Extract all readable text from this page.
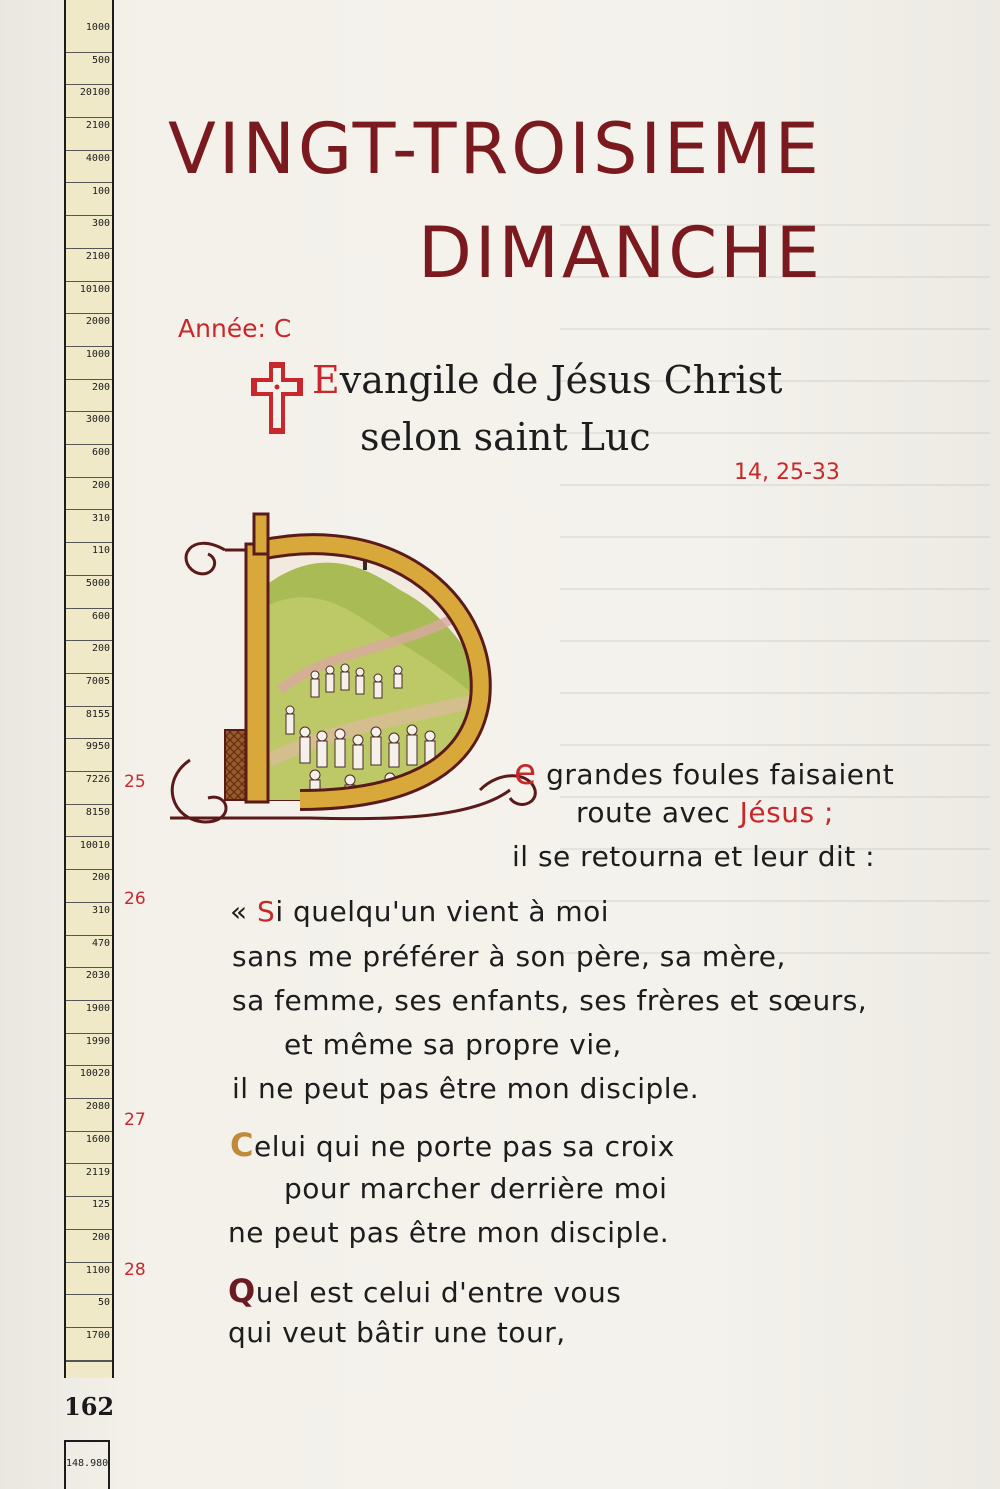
1000
500
20100
2100
4000
100
300
2100
10100
2000
1000
200
3000
600
200
310
110
5000
600
200
7005
8155
9950
7226
8150
10010
200
310
470
2030
1900
1990
10020
2080
1600
2119
125
200
1100
50
1700
162
148.980
VINGT-TROISIEME
DIMANCHE
Année: C
Evangile de Jésus Christ
selon saint Luc
14, 25-33
25
26
27
28
e grandes foules faisaient
route avec Jésus ;
il se retourna et leur dit :
« Si quelqu'un vient à moi
sans me préférer à son père, sa mère,
sa femme, ses enfants, ses frères et sœurs,
et même sa propre vie,
il ne peut pas être mon disciple.
Celui qui ne porte pas sa croix
pour marcher derrière moi
ne peut pas être mon disciple.
Quel est celui d'entre vous
qui veut bâtir une tour,
